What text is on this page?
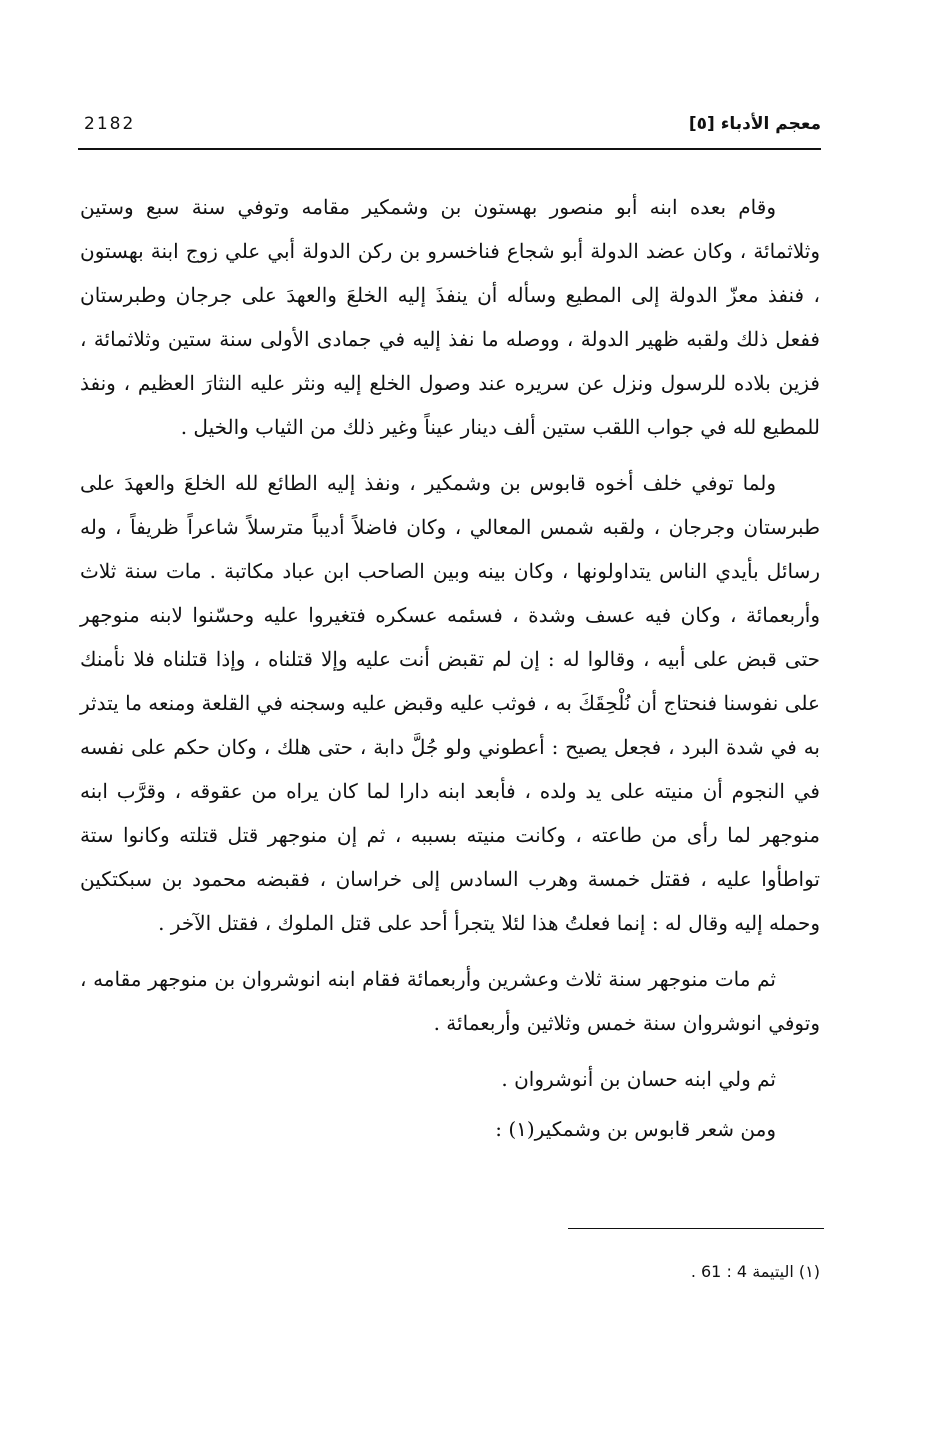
2182	معجم الأدباء [٥]

وقام بعده ابنه أبو منصور بهستون بن وشمكير مقامه وتوفي سنة سبع وستين وثلاثمائة ، وكان عضد الدولة أبو شجاع فناخسرو بن ركن الدولة أبي علي زوج ابنة بهستون ، فنفذ معزّ الدولة إلى المطيع وسأله أن ينفذَ إليه الخلعَ والعهدَ على جرجان وطبرستان ففعل ذلك ولقبه ظهير الدولة ، ووصله ما نفذ إليه في جمادى الأولى سنة ستين وثلاثمائة ، فزين بلاده للرسول ونزل عن سريره عند وصول الخلع إليه ونثر عليه النثارَ العظيم ، ونفذ للمطيع لله في جواب اللقب ستين ألف دينار عيناً وغير ذلك من الثياب والخيل .

ولما توفي خلف أخوه قابوس بن وشمكير ، ونفذ إليه الطائع لله الخلعَ والعهدَ على طبرستان وجرجان ، ولقبه شمس المعالي ، وكان فاضلاً أديباً مترسلاً شاعراً ظريفاً ، وله رسائل بأيدي الناس يتداولونها ، وكان بينه وبين الصاحب ابن عباد مكاتبة . مات سنة ثلاث وأربعمائة ، وكان فيه عسف وشدة ، فسئمه عسكره فتغيروا عليه وحسّنوا لابنه منوجهر حتى قبض على أبيه ، وقالوا له : إن لم تقبض أنت عليه وإلا قتلناه ، وإذا قتلناه فلا نأمنك على نفوسنا فنحتاج أن نُلْحِقَكَ به ، فوثب عليه وقبض عليه وسجنه في القلعة ومنعه ما يتدثر به في شدة البرد ، فجعل يصيح : أعطوني ولو جُلَّ دابة ، حتى هلك ، وكان حكم على نفسه في النجوم أن منيته على يد ولده ، فأبعد ابنه دارا لما كان يراه من عقوقه ، وقرَّب ابنه منوجهر لما رأى من طاعته ، وكانت منيته بسببه ، ثم إن منوجهر قتل قتلته وكانوا ستة تواطأوا عليه ، فقتل خمسة وهرب السادس إلى خراسان ، فقبضه محمود بن سبكتكين وحمله إليه وقال له : إنما فعلتُ هذا لئلا يتجرأ أحد على قتل الملوك ، فقتل الآخر .

ثم مات منوجهر سنة ثلاث وعشرين وأربعمائة فقام ابنه انوشروان بن منوجهر مقامه ، وتوفي انوشروان سنة خمس وثلاثين وأربعمائة .

ثم ولي ابنه حسان بن أنوشروان .

ومن شعر قابوس بن وشمكير(١) :

(١) اليتيمة 4 : 61 .
